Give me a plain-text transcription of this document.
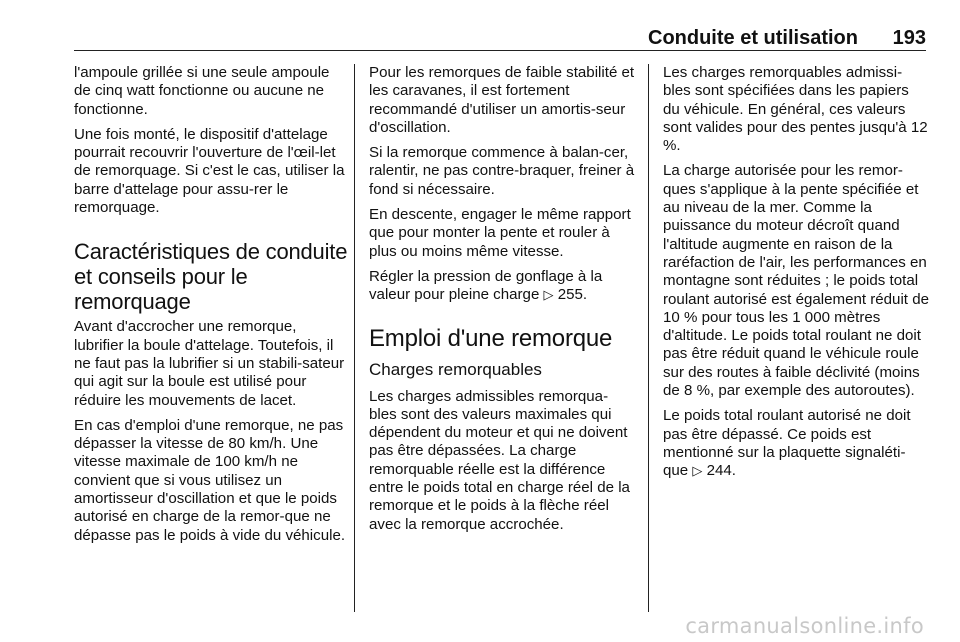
Conduite et utilisation 193

l'ampoule grillée si une seule ampoule de cinq watt fonctionne ou aucune ne fonctionne.

Une fois monté, le dispositif d'attelage pourrait recouvrir l'ouverture de l'œil-let de remorquage. Si c'est le cas, utiliser la barre d'attelage pour assu-rer le remorquage.

Caractéristiques de conduite et conseils pour le remorquage

Avant d'accrocher une remorque, lubrifier la boule d'attelage. Toutefois, il ne faut pas la lubrifier si un stabili-sateur qui agit sur la boule est utilisé pour réduire les mouvements de lacet.

En cas d'emploi d'une remorque, ne pas dépasser la vitesse de 80 km/h. Une vitesse maximale de 100 km/h ne convient que si vous utilisez un amortisseur d'oscillation et que le poids autorisé en charge de la remor-que ne dépasse pas le poids à vide du véhicule.

Pour les remorques de faible stabilité et les caravanes, il est fortement recommandé d'utiliser un amortis-seur d'oscillation.

Si la remorque commence à balan-cer, ralentir, ne pas contre-braquer, freiner à fond si nécessaire.

En descente, engager le même rapport que pour monter la pente et rouler à plus ou moins même vitesse.

Régler la pression de gonflage à la valeur pour pleine charge ▷ 255.

Emploi d'une remorque
Charges remorquables

Les charges admissibles remorqua-bles sont des valeurs maximales qui dépendent du moteur et qui ne doivent pas être dépassées. La charge remorquable réelle est la différence entre le poids total en charge réel de la remorque et le poids à la flèche réel avec la remorque accrochée.

Les charges remorquables admissi-bles sont spécifiées dans les papiers du véhicule. En général, ces valeurs sont valides pour des pentes jusqu'à 12 %.

La charge autorisée pour les remor-ques s'applique à la pente spécifiée et au niveau de la mer. Comme la puissance du moteur décroît quand l'altitude augmente en raison de la raréfaction de l'air, les performances en montagne sont réduites ; le poids total roulant autorisé est également réduit de 10 % pour tous les 1 000 mètres d'altitude. Le poids total roulant ne doit pas être réduit quand le véhicule roule sur des routes à faible déclivité (moins de 8 %, par exemple des autoroutes).

Le poids total roulant autorisé ne doit pas être dépassé. Ce poids est mentionné sur la plaquette signaléti-que ▷ 244.

carmanualsonline.info
